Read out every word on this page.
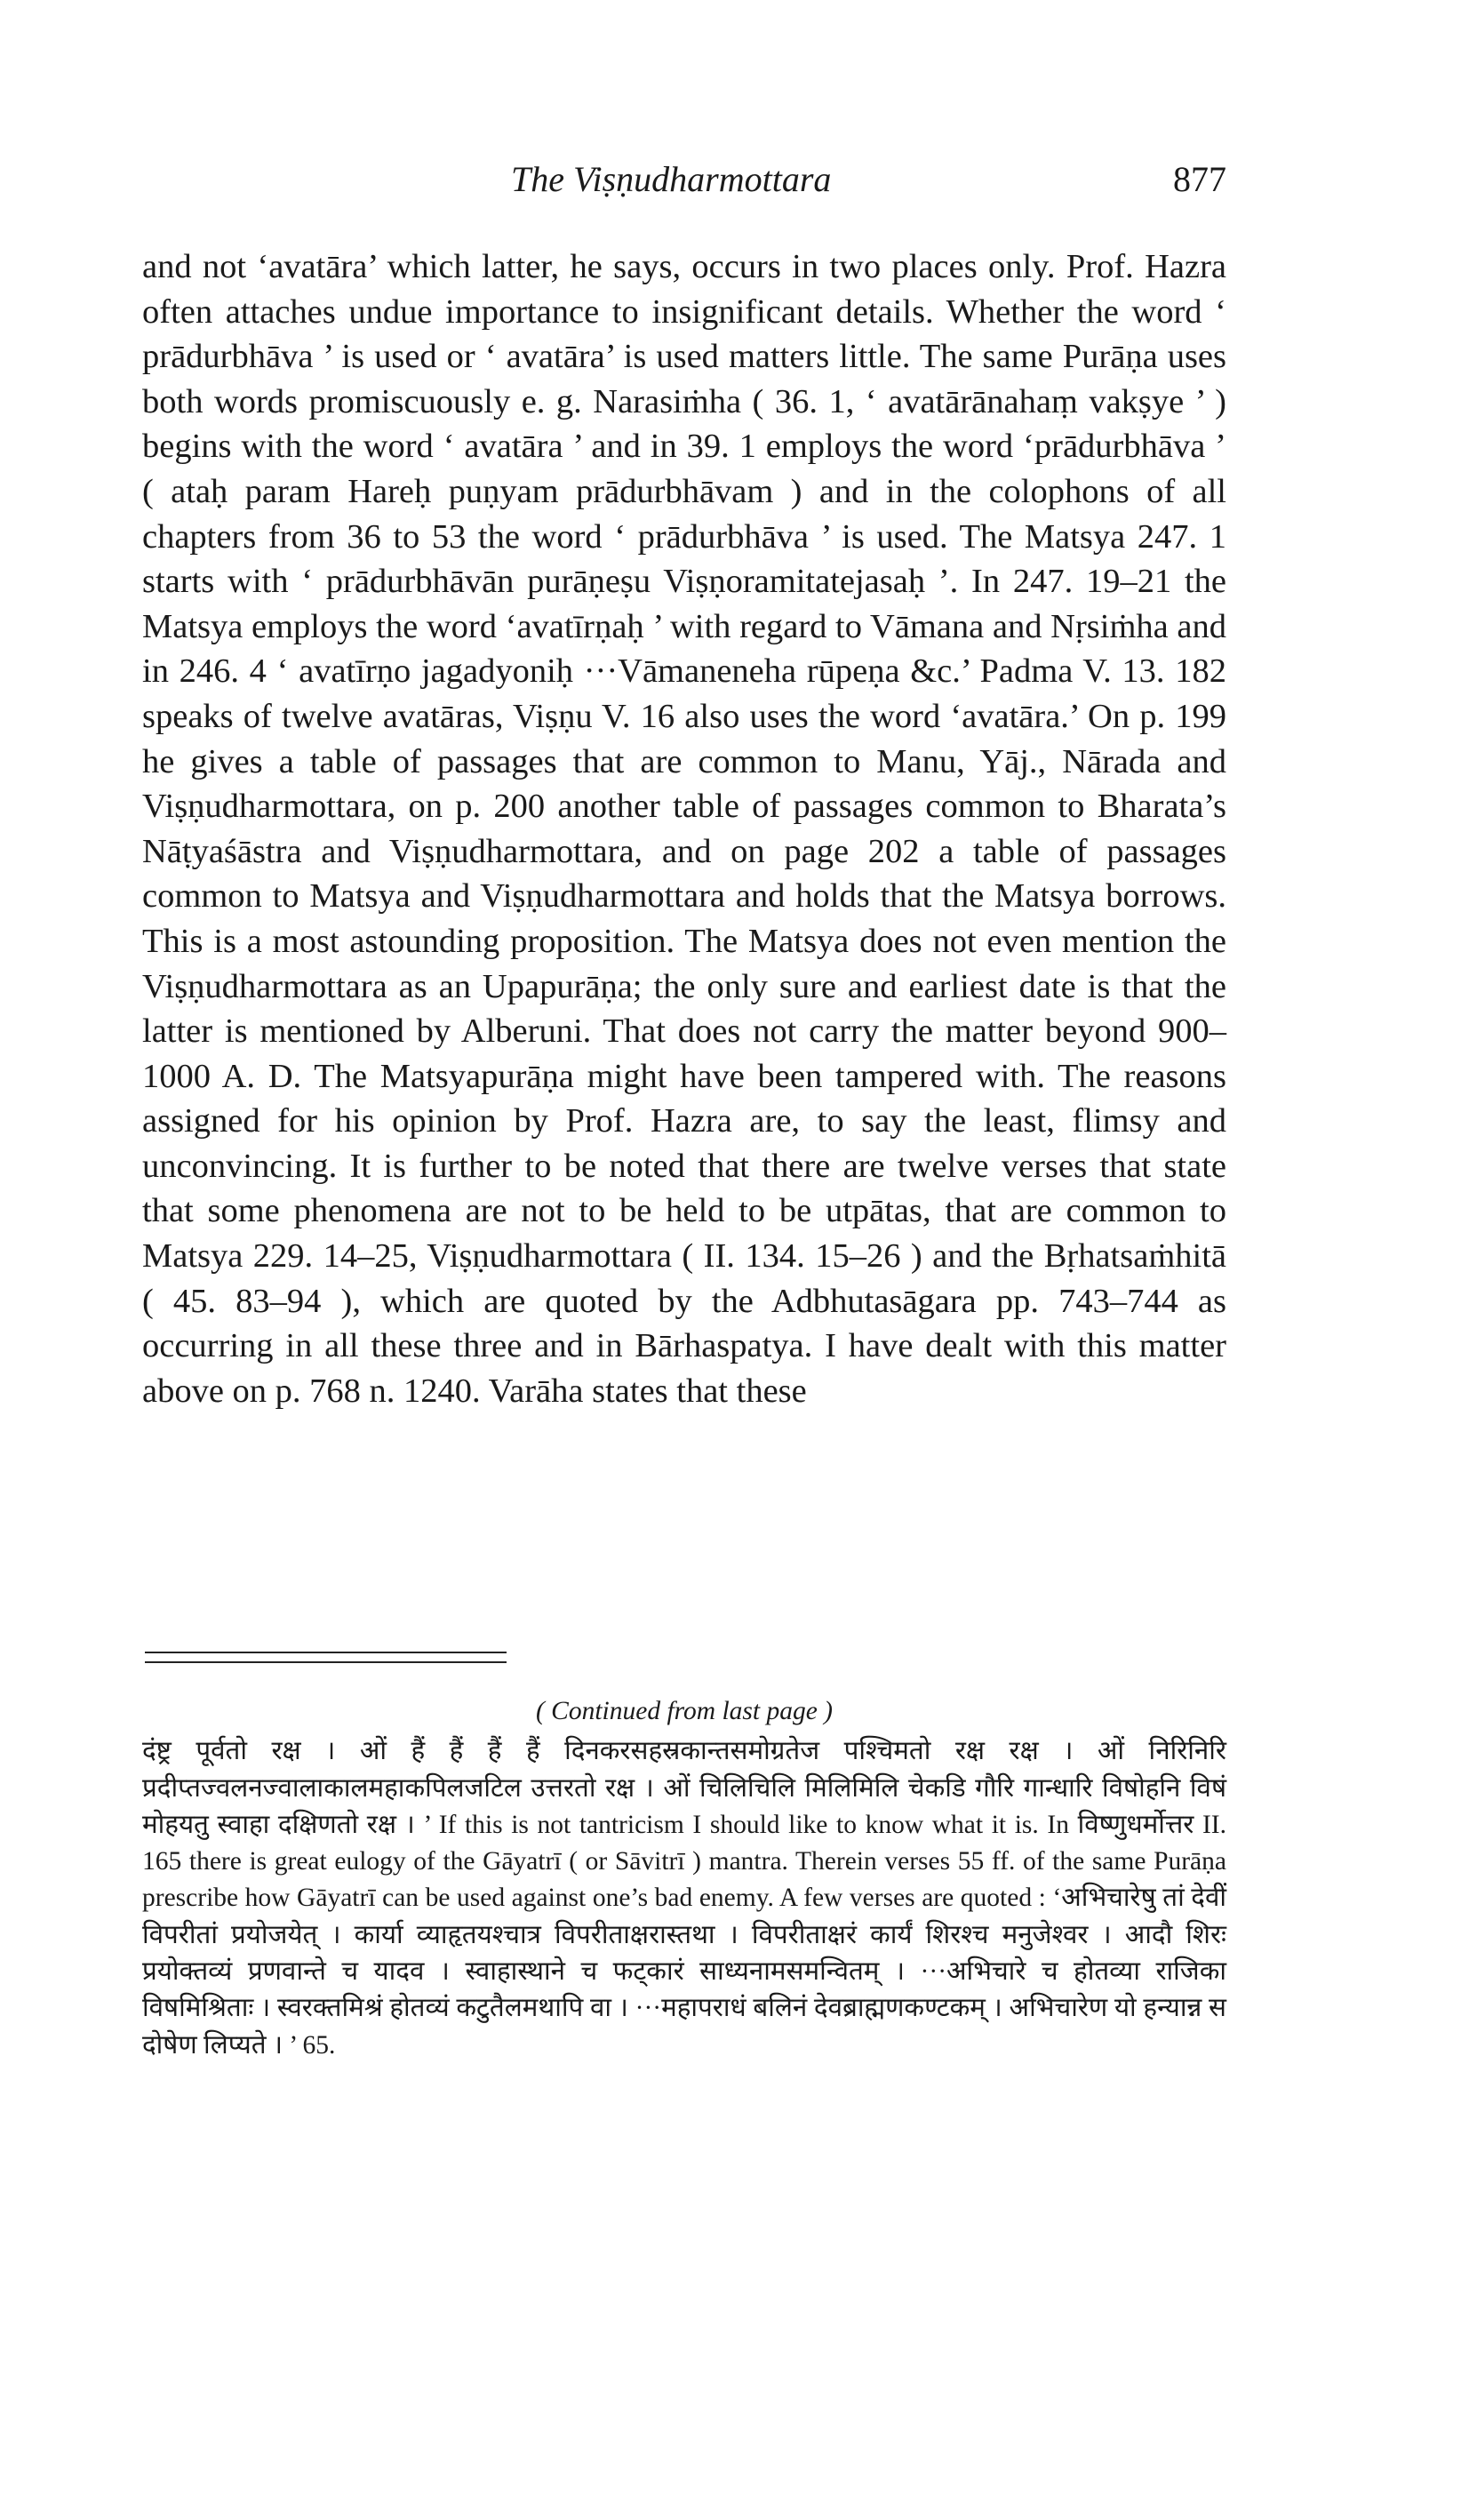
The Viṣṇudharmottara	877

and not ‘avatāra’ which latter, he says, occurs in two places only. Prof. Hazra often attaches undue importance to insignificant details. Whether the word ‘ prādurbhāva ’ is used or ‘ avatāra’ is used matters little. The same Purāṇa uses both words promiscuously e. g. Narasiṁha ( 36. 1, ‘ avatārānahaṃ vakṣye ’ ) begins with the word ‘ avatāra ’ and in 39. 1 employs the word ‘prādurbhāva ’ ( ataḥ param Hareḥ puṇyam prādurbhāvam ) and in the colophons of all chapters from 36 to 53 the word ‘ prādurbhāva ’ is used. The Matsya 247. 1 starts with ‘ prādurbhāvān purāṇeṣu Viṣṇoramitatejasaḥ ’. In 247. 19–21 the Matsya employs the word ‘avatīrṇaḥ ’ with regard to Vāmana and Nṛsiṁha and in 246. 4 ‘ avatīrṇo jagadyoniḥ ···Vāmaneneha rūpeṇa &c.’ Padma V. 13. 182 speaks of twelve avatāras, Viṣṇu V. 16 also uses the word ‘avatāra.’ On p. 199 he gives a table of passages that are common to Manu, Yāj., Nārada and Viṣṇudharmottara, on p. 200 another table of passages common to Bharata’s Nāṭyaśāstra and Viṣṇudharmottara, and on page 202 a table of passages common to Matsya and Viṣṇudharmottara and holds that the Matsya borrows. This is a most astounding proposition. The Matsya does not even mention the Viṣṇudharmottara as an Upapurāṇa; the only sure and earliest date is that the latter is mentioned by Alberuni. That does not carry the matter beyond 900–1000 A. D. The Matsyapurāṇa might have been tampered with. The reasons assigned for his opinion by Prof. Hazra are, to say the least, flimsy and unconvincing. It is further to be noted that there are twelve verses that state that some phenomena are not to be held to be utpātas, that are common to Matsya 229. 14–25, Viṣṇudharmottara ( II. 134. 15–26 ) and the Bṛhatsaṁhitā ( 45. 83–94 ), which are quoted by the Adbhutasāgara pp. 743–744 as occurring in all these three and in Bārhaspatya. I have dealt with this matter above on p. 768 n. 1240. Varāha states that these

( Continued from last page )

दंष्ट्र पूर्वतो रक्ष । ओं हैं हैं हैं हैं दिनकरसहस्रकान्तसमोग्रतेज पश्चिमतो रक्ष रक्ष । ओं निरिनिरि प्रदीप्तज्वलनज्वालाकालमहाकपिलजटिल उत्तरतो रक्ष । ओं चिलिचिलि मिलिमिलि चेकडि गौरि गान्धारि विषोहनि विषं मोहयतु स्वाहा दक्षिणतो रक्ष । ’ If this is not tantricism I should like to know what it is. In विष्णुधर्मोत्तर II. 165 there is great eulogy of the Gāyatrī ( or Sāvitrī ) mantra. Therein verses 55 ff. of the same Purāṇa prescribe how Gāyatrī can be used against one’s bad enemy. A few verses are quoted : ‘अभिचारेषु तां देवीं विपरीतां प्रयोजयेत् । कार्या व्याहृतयश्चात्र विपरीताक्षरास्तथा । विपरीताक्षरं कार्यं शिरश्च मनुजेश्वर । आदौ शिरः प्रयोक्तव्यं प्रणवान्ते च यादव । स्वाहास्थाने च फट्कारं साध्यनामसमन्वितम् । ···अभिचारे च होतव्या राजिका विषमिश्रिताः । स्वरक्तमिश्रं होतव्यं कटुतैलमथापि वा । ···महापराधं बलिनं देवब्राह्मणकण्टकम् । अभिचारेण यो हन्यान्न स दोषेण लिप्यते । ’ 65.
